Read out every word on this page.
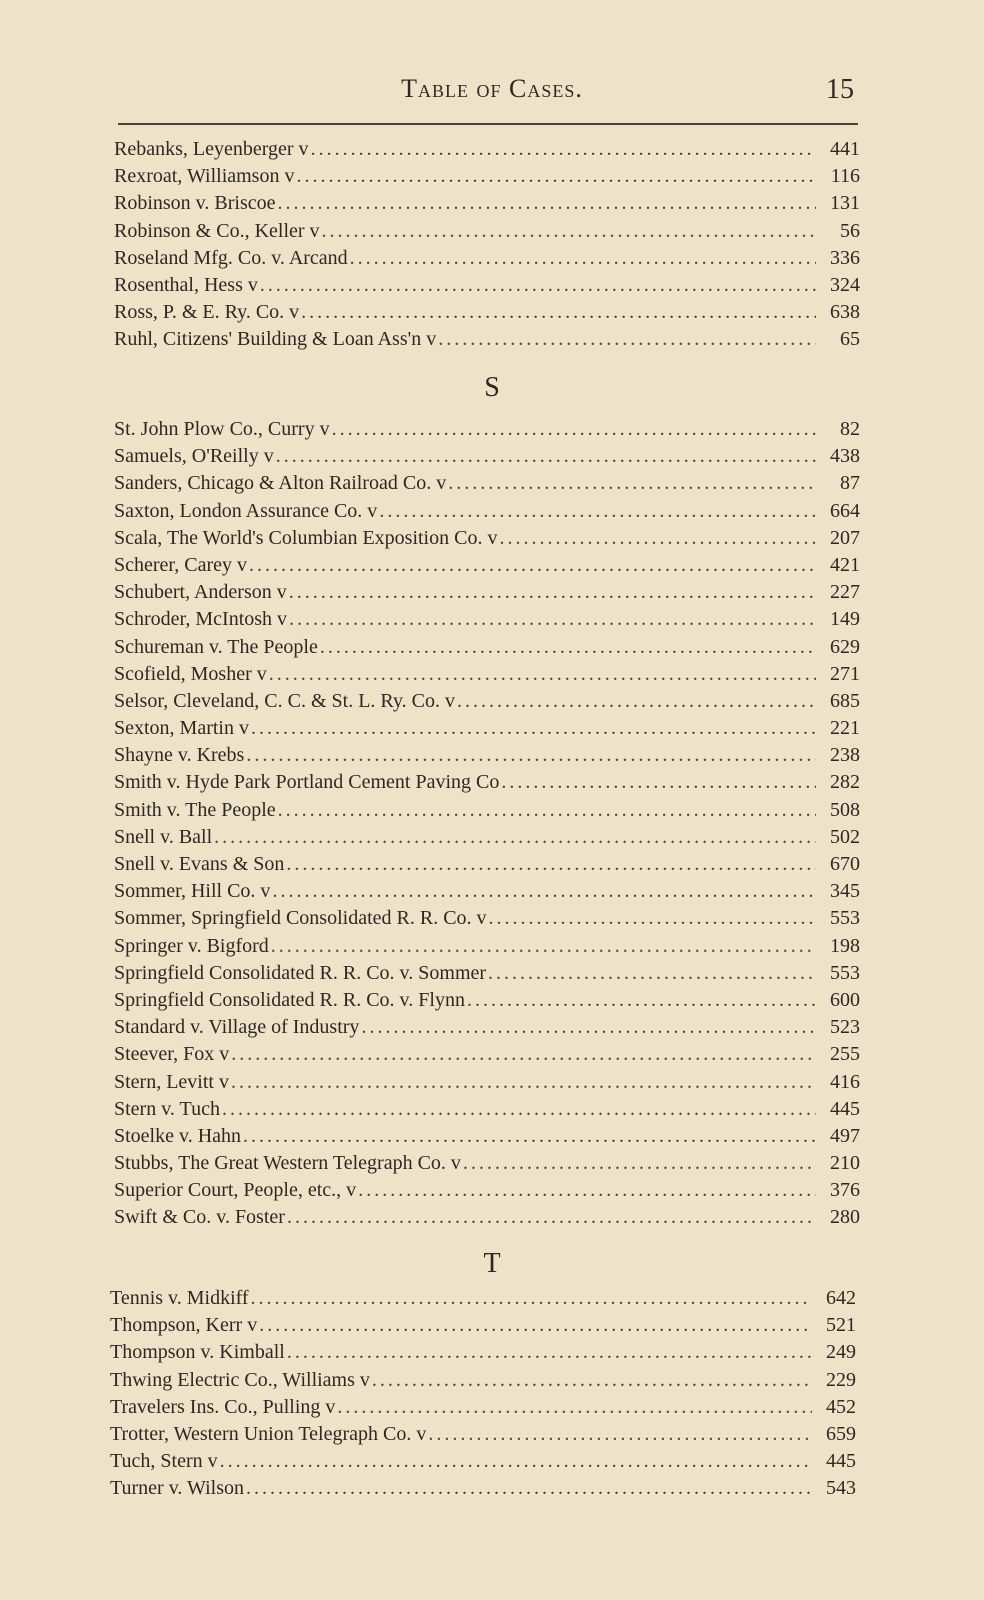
Table of Cases.	15
Rebanks, Leyenberger v .....	441
Rexroat, Williamson v .....	116
Robinson v. Briscoe .....	131
Robinson & Co., Keller v .....	56
Roseland Mfg. Co. v. Arcand .....	336
Rosenthal, Hess v .....	324
Ross, P. & E. Ry. Co. v .....	638
Ruhl, Citizens' Building & Loan Ass'n v .....	65
S
St. John Plow Co., Curry v .....	82
Samuels, O'Reilly v .....	438
Sanders, Chicago & Alton Railroad Co. v .....	87
Saxton, London Assurance Co. v .....	664
Scala, The World's Columbian Exposition Co. v .....	207
Scherer, Carey v .....	421
Schubert, Anderson v .....	227
Schroder, McIntosh v .....	149
Schureman v. The People .....	629
Scofield, Mosher v .....	271
Selsor, Cleveland, C. C. & St. L. Ry. Co. v .....	685
Sexton, Martin v .....	221
Shayne v. Krebs .....	238
Smith v. Hyde Park Portland Cement Paving Co .....	282
Smith v. The People .....	508
Snell v. Ball .....	502
Snell v. Evans & Son .....	670
Sommer, Hill Co. v .....	345
Sommer, Springfield Consolidated R. R. Co. v .....	553
Springer v. Bigford .....	198
Springfield Consolidated R. R. Co. v. Sommer .....	553
Springfield Consolidated R. R. Co. v. Flynn .....	600
Standard v. Village of Industry .....	523
Steever, Fox v .....	255
Stern, Levitt v .....	416
Stern v. Tuch .....	445
Stoelke v. Hahn .....	497
Stubbs, The Great Western Telegraph Co. v .....	210
Superior Court, People, etc., v .....	376
Swift & Co. v. Foster .....	280
T
Tennis v. Midkiff .....	642
Thompson, Kerr v .....	521
Thompson v. Kimball .....	249
Thwing Electric Co., Williams v .....	229
Travelers Ins. Co., Pulling v .....	452
Trotter, Western Union Telegraph Co. v .....	659
Tuch, Stern v .....	445
Turner v. Wilson .....	543
